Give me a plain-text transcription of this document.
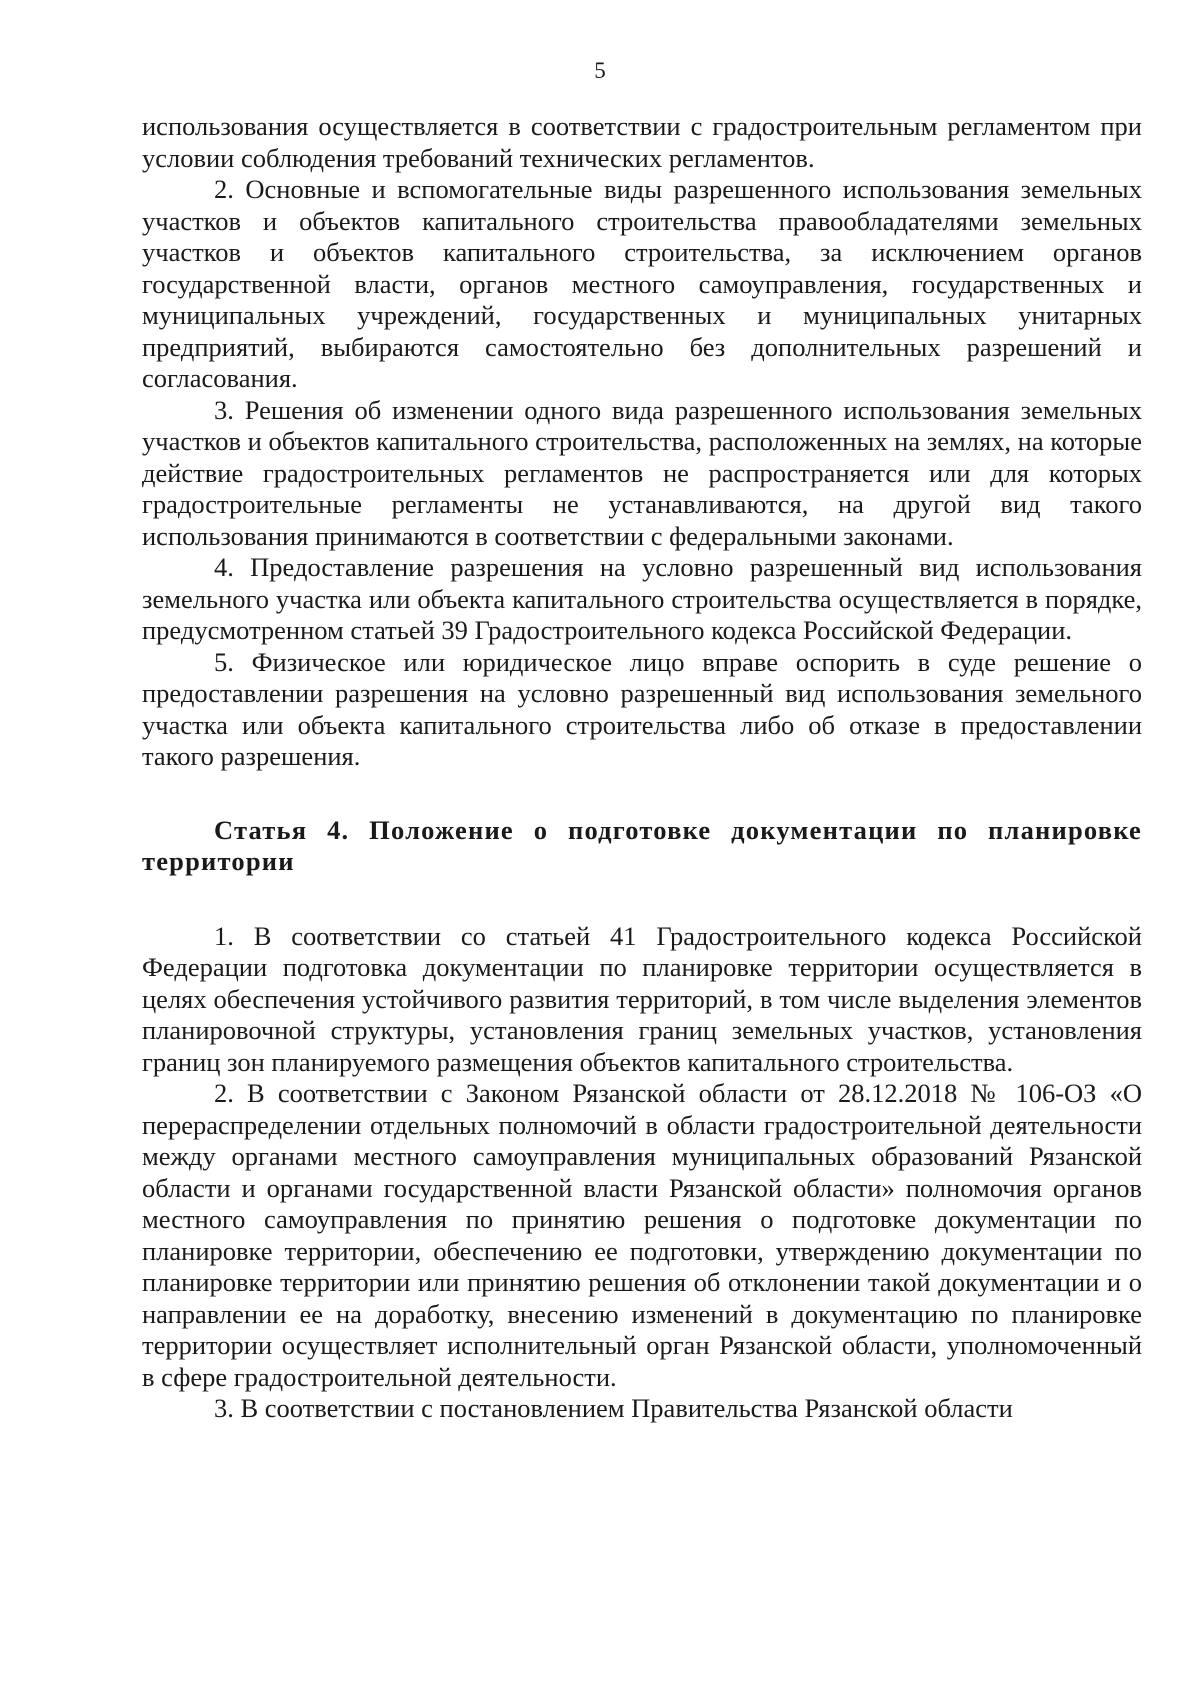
5

использования осуществляется в соответствии с градостроительным регламентом при условии соблюдения требований технических регламентов.

2. Основные и вспомогательные виды разрешенного использования земельных участков и объектов капитального строительства правообладателями земельных участков и объектов капитального строительства, за исключением органов государственной власти, органов местного самоуправления, государственных и муниципальных учреждений, государственных и муниципальных унитарных предприятий, выбираются самостоятельно без дополнительных разрешений и согласования.

3. Решения об изменении одного вида разрешенного использования земельных участков и объектов капитального строительства, расположенных на землях, на которые действие градостроительных регламентов не распространяется или для которых градостроительные регламенты не устанавливаются, на другой вид такого использования принимаются в соответствии с федеральными законами.

4. Предоставление разрешения на условно разрешенный вид использования земельного участка или объекта капитального строительства осуществляется в порядке, предусмотренном статьей 39 Градостроительного кодекса Российской Федерации.

5. Физическое или юридическое лицо вправе оспорить в суде решение о предоставлении разрешения на условно разрешенный вид использования земельного участка или объекта капитального строительства либо об отказе в предоставлении такого разрешения.

Статья 4. Положение о подготовке документации по планировке территории

1. В соответствии со статьей 41 Градостроительного кодекса Российской Федерации подготовка документации по планировке территории осуществляется в целях обеспечения устойчивого развития территорий, в том числе выделения элементов планировочной структуры, установления границ земельных участков, установления границ зон планируемого размещения объектов капитального строительства.

2. В соответствии с Законом Рязанской области от 28.12.2018 № 106-ОЗ «О перераспределении отдельных полномочий в области градостроительной деятельности между органами местного самоуправления муниципальных образований Рязанской области и органами государственной власти Рязанской области» полномочия органов местного самоуправления по принятию решения о подготовке документации по планировке территории, обеспечению ее подготовки, утверждению документации по планировке территории или принятию решения об отклонении такой документации и о направлении ее на доработку, внесению изменений в документацию по планировке территории осуществляет исполнительный орган Рязанской области, уполномоченный в сфере градостроительной деятельности.

3. В соответствии с постановлением Правительства Рязанской области
